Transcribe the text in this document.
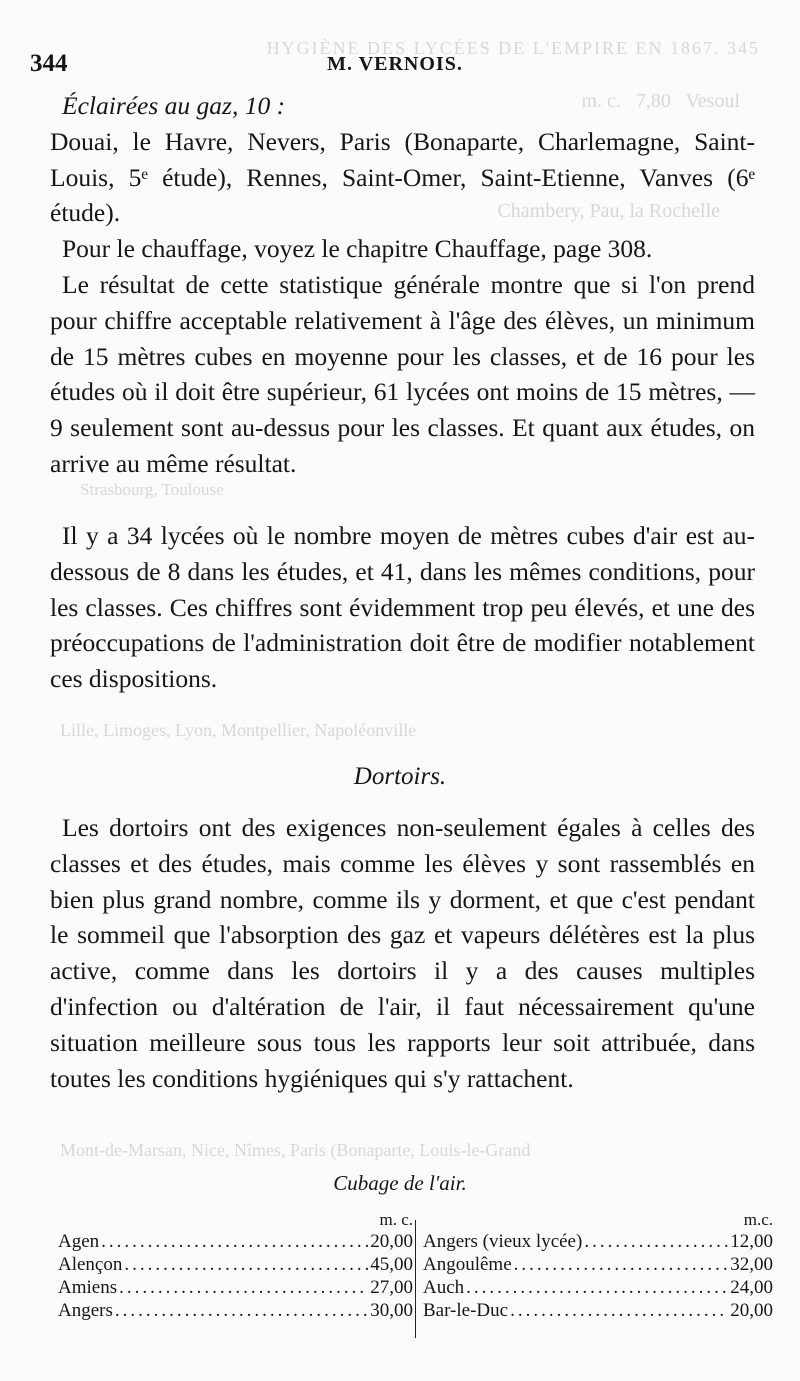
HYGIÈNE DES LYCÉES DE L'EMPIRE EN 1867. 345
m. c.   7,80   Vesoul
Chambery, Pau, la Rochelle
Strasbourg, Toulouse
Lille, Limoges, Lyon, Montpellier, Napoléonville
Mont-de-Marsan, Nice, Nîmes, Paris (Bonaparte, Louis-le-Grand
344	M. VERNOIS.

Éclairées au gaz, 10 :

Douai, le Havre, Nevers, Paris (Bonaparte, Charlemagne, Saint-Louis, 5ᵉ étude), Rennes, Saint-Omer, Saint-Etienne, Vanves (6ᵉ étude).

Pour le chauffage, voyez le chapitre Chauffage, page 308.

Le résultat de cette statistique générale montre que si l'on prend pour chiffre acceptable relativement à l'âge des élèves, un minimum de 15 mètres cubes en moyenne pour les classes, et de 16 pour les études où il doit être supérieur, 61 lycées ont moins de 15 mètres, — 9 seulement sont au-dessus pour les classes. Et quant aux études, on arrive au même résultat.

Il y a 34 lycées où le nombre moyen de mètres cubes d'air est au-dessous de 8 dans les études, et 41, dans les mêmes conditions, pour les classes. Ces chiffres sont évidemment trop peu élevés, et une des préoccupations de l'administration doit être de modifier notablement ces dispositions.

Dortoirs.

Les dortoirs ont des exigences non-seulement égales à celles des classes et des études, mais comme les élèves y sont rassemblés en bien plus grand nombre, comme ils y dorment, et que c'est pendant le sommeil que l'absorption des gaz et vapeurs délétères est la plus active, comme dans les dortoirs il y a des causes multiples d'infection ou d'altération de l'air, il faut nécessairement qu'une situation meilleure sous tous les rapports leur soit attribuée, dans toutes les conditions hygiéniques qui s'y rattachent.

Cubage de l'air.
m. c.
Agen .....	20,00
Alençon .....	45,00
Amiens .....	27,00
Angers .....	30,00
m.c.
Angers (vieux lycée) .....	12,00
Angoulême .....	32,00
Auch .....	24,00
Bar-le-Duc .....	20,00
